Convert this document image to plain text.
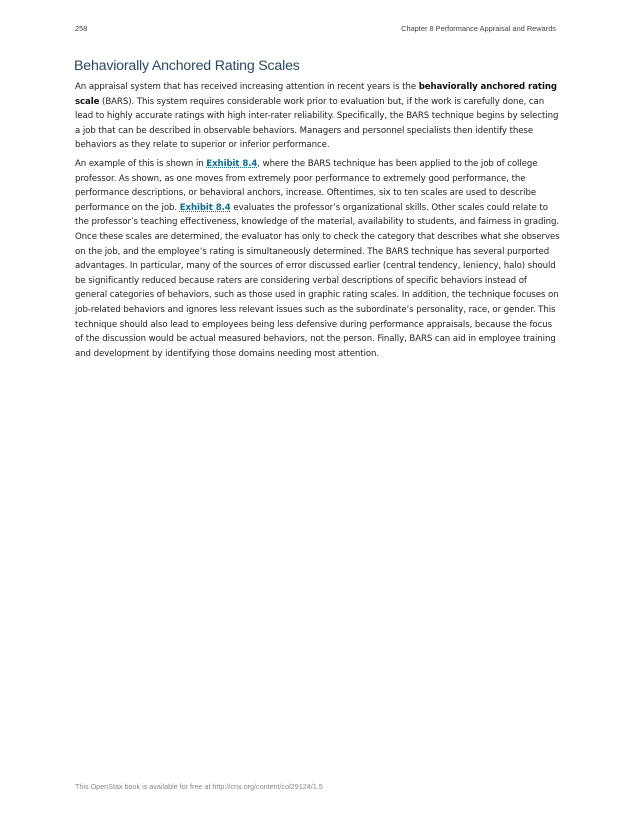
258	Chapter 8 Performance Appraisal and Rewards
Behaviorally Anchored Rating Scales

An appraisal system that has received increasing attention in recent years is the behaviorally anchored rating scale (BARS). This system requires considerable work prior to evaluation but, if the work is carefully done, can lead to highly accurate ratings with high inter-rater reliability. Specifically, the BARS technique begins by selecting a job that can be described in observable behaviors. Managers and personnel specialists then identify these behaviors as they relate to superior or inferior performance.

An example of this is shown in Exhibit 8.4, where the BARS technique has been applied to the job of college professor. As shown, as one moves from extremely poor performance to extremely good performance, the performance descriptions, or behavioral anchors, increase. Oftentimes, six to ten scales are used to describe performance on the job. Exhibit 8.4 evaluates the professor’s organizational skills. Other scales could relate to the professor’s teaching effectiveness, knowledge of the material, availability to students, and fairness in grading. Once these scales are determined, the evaluator has only to check the category that describes what she observes on the job, and the employee’s rating is simultaneously determined. The BARS technique has several purported advantages. In particular, many of the sources of error discussed earlier (central tendency, leniency, halo) should be significantly reduced because raters are considering verbal descriptions of specific behaviors instead of general categories of behaviors, such as those used in graphic rating scales. In addition, the technique focuses on job-related behaviors and ignores less relevant issues such as the subordinate’s personality, race, or gender. This technique should also lead to employees being less defensive during performance appraisals, because the focus of the discussion would be actual measured behaviors, not the person. Finally, BARS can aid in employee training and development by identifying those domains needing most attention.

This OpenStax book is available for free at http://cnx.org/content/col29124/1.5
